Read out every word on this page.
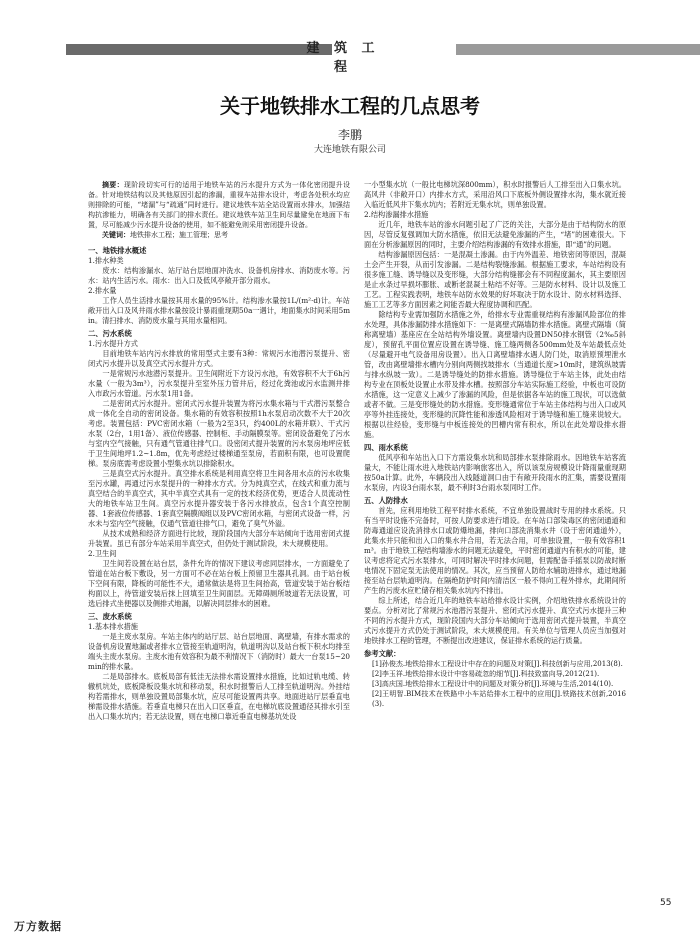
建 筑 工 程
关于地铁排水工程的几点思考
李鹏
大连地铁有限公司

摘要：现阶段切实可行的适用于地铁车站的污水提升方式为一体化密闭提升设备。针对地铁结构以及其他原因引起的渗漏，重视车站排水设计，考虑各处积水均应则排除的可能，“堵漏”与“疏通”同时进行。建议地铁车站全站设置雨水排水，加强结构抗渗能力，明确各有关部门的排水责任。建议地铁车站卫生间尽量避免在地面下布置，尽可能减少污水提升设备的使用，如不能避免则采用密闭提升设备。

关键词：地铁排水工程；施工管理；思考

一、地铁排水概述

1.排水种类

废水：结构渗漏水、站厅站台层地面冲洗水、设备机房排水、消防废水等。污水：站内生活污水。雨水：出入口及低风亭敞开部分雨水。

2.排水量

工作人员生活排水量按其用水量的95%计。结构渗水量按1L/(m²·d)计。车站敞开出入口及风井雨水排水量按设计暴雨重现期50a一遇计，地面集水时间采用5min。清扫排水、消防废水量与其用水量相同。

二、污水系统

1.污水提升方式

目前地铁车站内污水排放的常用型式主要有3种：常规污水池潜污泵提升、密闭式污水提升以及真空式污水提升方式。

一是常规污水池潜污泵提升。卫生间附近下方设污水池，有效容积不大于6h污水量（一般为3m³），污水泵提升至室外压力管井后，经过化粪池或污水监测井排入市政污水管道。污水泵1用1备。

二是密闭式污水提升。密闭式污水提升装置为将污水集水箱与干式潜污泵整合成一体化全自动的密闭设备。集水箱的有效容积按照1h水泵启动次数不大于20次考虑。装置包括：PVC密闭水箱（一般为2至3只，约400L的水箱并联）、干式污水泵（2台，1用1备）、液位传感器、控制柜、手动隔膜泵等。密闭设备避免了污水与室内空气接触，只有通气管通往排气口。设密闭式提升装置的污水泵房地坪应低于卫生间地坪1.2~1.8m，优先考虑经过楼梯通至泵房，若面积有限，也可设置爬梯。泵房底需考虑设置小型集水坑以排除积水。

三是真空式污水提升。真空排水系统是利用真空将卫生间各用水点的污水收集至污水罐，再通过污水泵提升的一种排水方式。分为纯真空式，在线式和重力流与真空结合的半真空式，其中半真空式具有一定的技术经济优势，更适合人员流动性大的地铁车站卫生间。真空污水提升器安装于各污水排放点，包含1个真空控制器、1套液位传感器、1套真空隔膜阀组以及PVC密闭水箱，与密闭式设备一样，污水未与室内空气接触，仅通气管道往排气口，避免了臭气外溢。

从技术成熟和经济方面进行比较，现阶段国内大部分车站倾向于选用密闭式提升装置。虽已有部分车站采用半真空式，但仍处于测试阶段，未大规模使用。

2.卫生间

卫生间若设置在站台层，条件允许的情况下建议考虑同层排水，一方面避免了管道在站台板下敷设，另一方面可不必在站台板上预留卫生器具孔洞。由于站台板下空间有限，降板的可能性不大，通常做法是将卫生间抬高，管道安装于站台板结构面以上，待管道安装后抹上回填至卫生间面层。无障碍厕所坡道若无法设置，可选后排式坐便器以及侧排式地漏，以解决同层排水的困难。

三、废水系统

1.基本排水措施

一是主废水泵房。车站主体内的站厅层、站台层地面、离壁墙，有排水需求的设备机房设置地漏或者排水立管接至轨道明沟，轨道明沟以及站台板下积水均排至端头主废水泵房。主废水池有效容积为最不利情况下（消防时）最大一台泵15~20min的排水量。

二是局部排水。底板局部有低洼无法排水需设置排水措施，比如过轨电缆、转辙机坑处，底板降板设集水坑和移动泵，积水时报警后人工排至轨道明沟。外挂结构若需排水，则单独设置局部集水坑，应尽可能设置两共享。地面进站厅层垂直电梯需设排水措施。若垂直电梯只在出入口区垂直，在电梯坑底设置通径其排水引至出入口集水坑内；若无法设置，则在电梯口靠近垂直电梯基坑处设

一小型集水坑（一般比电梯坑深800mm），积水时报警后人工排至出入口集水坑。高风井（非敞开口）内排水方式，采用沿风口下底板外侧设置排水沟，集水就近接入临近低风井下集水坑内；若附近无集水坑，则单独设置。

2.结构渗漏排水措施

近几年，地铁车站的渗水问题引起了广泛的关注，大部分是由于结构防水的原因，尽管反复强调加大防水措施，依旧无法避免渗漏的产生，“堵”的困难很大。下面在分析渗漏原因的同时，主要介绍结构渗漏的有效排水措施，即“通”的问题。

结构渗漏原因包括：一是混凝土渗漏。由于内外温差、地铁密闭等原因，混凝土会产生开裂，从而引发渗漏。二是结构裂缝渗漏。根据施工要求，车站结构设有很多施工缝、诱导缝以及变形缝，大部分结构缝都会有不同程度漏水，其主要原因是止水条过早损坏膨胀、或断老混凝土粘结不好等。三是防水材料、设计以及施工工艺。工程实践表明，地铁车站防水效果的好坏取决于防水设计、防水材料选择、施工工艺等多方面因素之间能否最大程度协调和匹配。

除结构专业需加强防水措施之外，给排水专业需重视结构有渗漏风险部位的排水处理，具体渗漏防排水措施如下：一是离壁式隔墙防排水措施。离壁式隔墙（简称离壁墙）基座应在全站结构外墙设置。离壁墙内设置DN50排水钢管（2‰5斜度），预留孔平面位置应设置在诱导缝、施工缝两侧各500mm处及车站最低点处（尽量避开电气设备用房设置）。出入口离壁墙排水遇人防门处，取消原预埋泄水管，改由离壁墙排水槽内分别向两侧找坡排水（当通道长度>10m时，建筑纵坡需与排水纵坡一致）。二是诱导缝处的防排水措施。诱导缝位于车站主体，此处由结构专业在顶板处设置止水带及排水槽。按照部分车站实际施工经验，中板也可设防水措施，这一定意义上减少了渗漏的风险，但是依据各车站的施工现状，可以选做或者不做。三是变形缝处的防水措施。变形缝通常位于车站主体结构与出入口或风亭等外挂连接处，变形缝的沉降性能和渗透风险相对于诱导缝和施工缝来说较大。根据以往经验，变形缝与中板连接处的凹槽内常有积水，所以在此处增设排水措施。

四、雨水系统

低风亭和车站出入口下方需设集水坑和局部排水泵排除雨水。因地铁车站客流量大，不能让雨水进入地铁站内影响旅客出入，所以该泵房规模设计降雨量重现期按50a计算。此外，车辆段出入线隧道洞口由于有敞开段雨水的汇集，需要设置雨水泵房，内设3台雨水泵，最不利时3台雨水泵同时工作。

五、人防排水

首先，应利用地铁工程平时排水系统，不宜单独设置战时专用的排水系统。只有当平时设施不完备时，可按人防要求进行增设。在车站口部染毒区的密闭通道和防毒通道应设洗消排水口或防爆地漏，排向口部洗消集水井（设于密闭通道外），此集水井只能和出入口的集水井合用，若无法合用，可单独设置，一般有效容积1m³。由于地铁工程结构墙渗水的问题无法避免，平时密闭通道内有积水的可能，建议考虑将定式污水泵排水，可同时解决平时排水问题，但需配备手摇泵以防战时断电情况下固定泵无法使用的情况。其次，应当预留人防给水辅助进排水，通过地漏接至站台层轨道明沟。在隔绝防护时间内清洁区一般不得向工程外排水，此期间所产生的污废水应贮储存相关集水坑内不排出。

综上所述，结合近几年的地铁车站给排水设计实例，介绍地铁排水系统设计的要点。分析对比了常规污水池潜污泵提升、密闭式污水提升、真空式污水提升三种不同的污水提升方式，现阶段国内大部分车站倾向于选用密闭式提升装置，半真空式污水提升方式仍处于测试阶段，未大规模使用。有关单位与管理人员应当加强对地铁排水工程的管理，不断提出改进建议，保证排水系统的运行质量。

参考文献：

[1]孙俊杰.地铁给排水工程设计中存在的问题及对策[J].科技创新与应用,2013(8).

[2]李玉祥.地铁给排水设计中容易疏忽的细节[J].科技致富向导,2012(21).

[3]高庆国.地铁给排水工程设计中的问题及对策分析[J].环境与生活,2014(10).

[2]王明智.BIM技术在铁路中小车站给排水工程中的应用[J].铁路技术创新,2016(3).

55
万方数据
